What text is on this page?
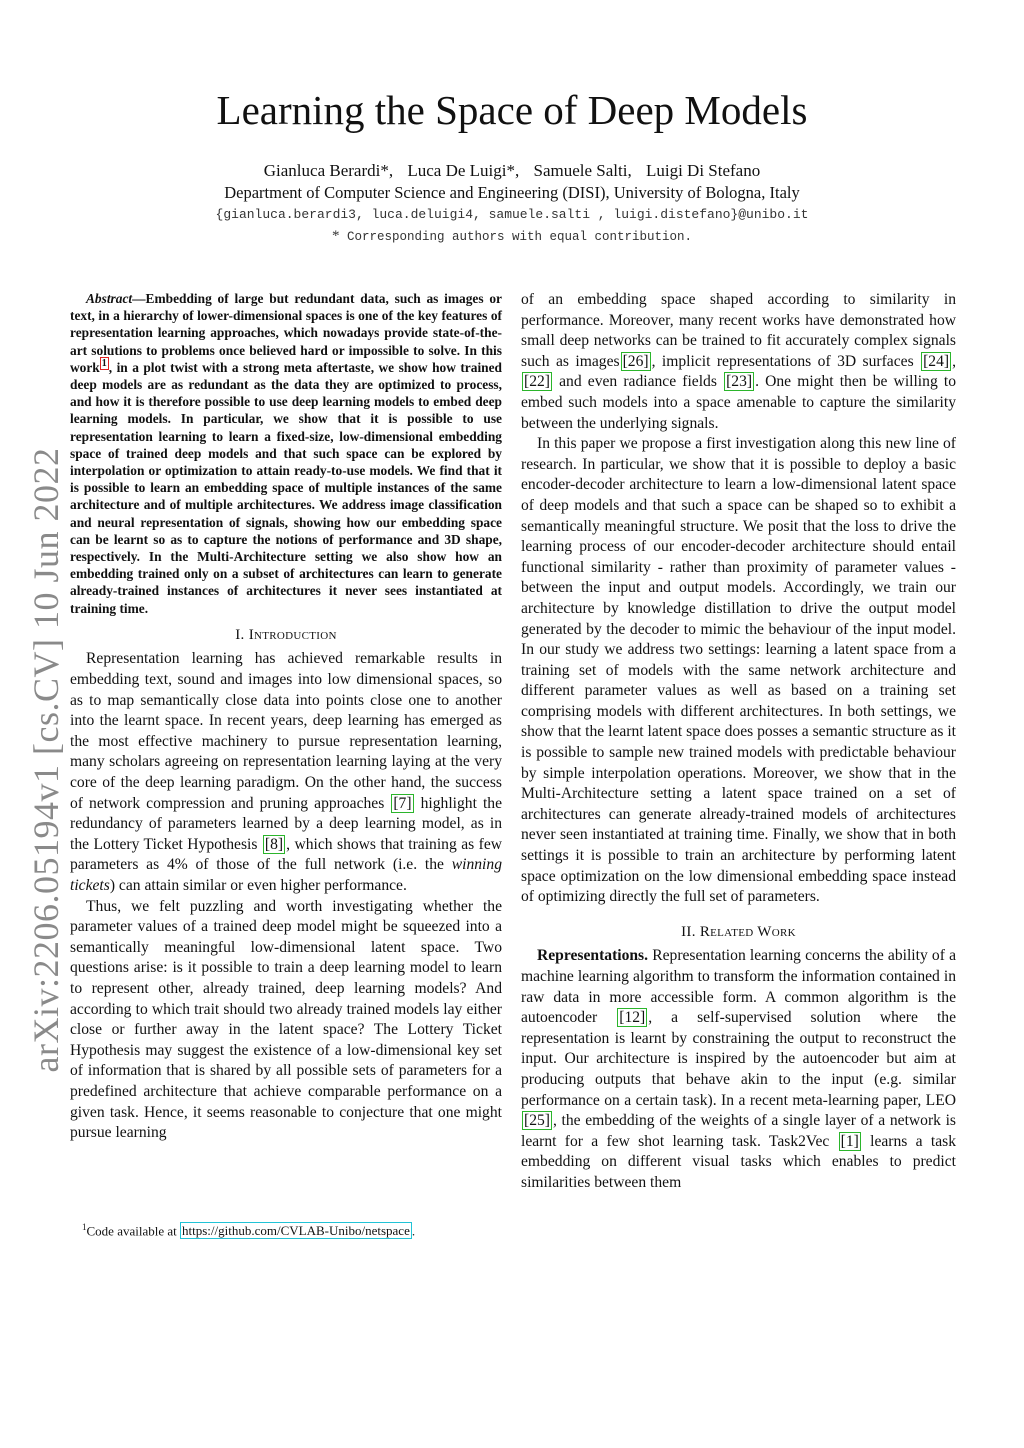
Learning the Space of Deep Models
Gianluca Berardi*, Luca De Luigi*, Samuele Salti, Luigi Di Stefano
Department of Computer Science and Engineering (DISI), University of Bologna, Italy
{gianluca.berardi3, luca.deluigi4, samuele.salti , luigi.distefano}@unibo.it
* Corresponding authors with equal contribution.
arXiv:2206.05194v1 [cs.CV] 10 Jun 2022

Abstract—Embedding of large but redundant data, such as images or text, in a hierarchy of lower-dimensional spaces is one of the key features of representation learning approaches, which nowadays provide state-of-the-art solutions to problems once believed hard or impossible to solve. In this work $^1$ , in a plot twist with a strong meta aftertaste, we show how trained deep models are as redundant as the data they are optimized to process, and how it is therefore possible to use deep learning models to embed deep learning models. In particular, we show that it is possible to use representation learning to learn a fixed-size, low-dimensional embedding space of trained deep models and that such space can be explored by interpolation or optimization to attain ready-to-use models. We find that it is possible to learn an embedding space of multiple instances of the same architecture and of multiple architectures. We address image classification and neural representation of signals, showing how our embedding space can be learnt so as to capture the notions of performance and 3D shape, respectively. In the Multi-Architecture setting we also show how an embedding trained only on a subset of architectures can learn to generate already-trained instances of architectures it never sees instantiated at training time.

I. Introduction

Representation learning has achieved remarkable results in embedding text, sound and images into low dimensional spaces, so as to map semantically close data into points close one to another into the learnt space. In recent years, deep learning has emerged as the most effective machinery to pursue representation learning, many scholars agreeing on representation learning laying at the very core of the deep learning paradigm. On the other hand, the success of network compression and pruning approaches [7] highlight the redundancy of parameters learned by a deep learning model, as in the Lottery Ticket Hypothesis [8] , which shows that training as few parameters as 4% of those of the full network (i.e. the winning tickets) can attain similar or even higher performance.

Thus, we felt puzzling and worth investigating whether the parameter values of a trained deep model might be squeezed into a semantically meaningful low-dimensional latent space. Two questions arise: is it possible to train a deep learning model to learn to represent other, already trained, deep learning models? And according to which trait should two already trained models lay either close or further away in the latent space? The Lottery Ticket Hypothesis may suggest the existence of a low-dimensional key set of information that is shared by all possible sets of parameters for a predefined architecture that achieve comparable performance on a given task. Hence, it seems reasonable to conjecture that one might pursue learning

$^1$Code available at https://github.com/CVLAB-Unibo/netspace .

of an embedding space shaped according to similarity in performance. Moreover, many recent works have demonstrated how small deep networks can be trained to fit accurately complex signals such as images [26] , implicit representations of 3D surfaces [24] , [22] and even radiance fields [23] . One might then be willing to embed such models into a space amenable to capture the similarity between the underlying signals.

In this paper we propose a first investigation along this new line of research. In particular, we show that it is possible to deploy a basic encoder-decoder architecture to learn a low-dimensional latent space of deep models and that such a space can be shaped so to exhibit a semantically meaningful structure. We posit that the loss to drive the learning process of our encoder-decoder architecture should entail functional similarity - rather than proximity of parameter values - between the input and output models. Accordingly, we train our architecture by knowledge distillation to drive the output model generated by the decoder to mimic the behaviour of the input model. In our study we address two settings: learning a latent space from a training set of models with the same network architecture and different parameter values as well as based on a training set comprising models with different architectures. In both settings, we show that the learnt latent space does posses a semantic structure as it is possible to sample new trained models with predictable behaviour by simple interpolation operations. Moreover, we show that in the Multi-Architecture setting a latent space trained on a set of architectures can generate already-trained models of architectures never seen instantiated at training time. Finally, we show that in both settings it is possible to train an architecture by performing latent space optimization on the low dimensional embedding space instead of optimizing directly the full set of parameters.

II. Related Work

Representations. Representation learning concerns the ability of a machine learning algorithm to transform the information contained in raw data in more accessible form. A common algorithm is the autoencoder [12] , a self-supervised solution where the representation is learnt by constraining the output to reconstruct the input. Our architecture is inspired by the autoencoder but aim at producing outputs that behave akin to the input (e.g. similar performance on a certain task). In a recent meta-learning paper, LEO [25] , the embedding of the weights of a single layer of a network is learnt for a few shot learning task. Task2Vec [1] learns a task embedding on different visual tasks which enables to predict similarities between them
